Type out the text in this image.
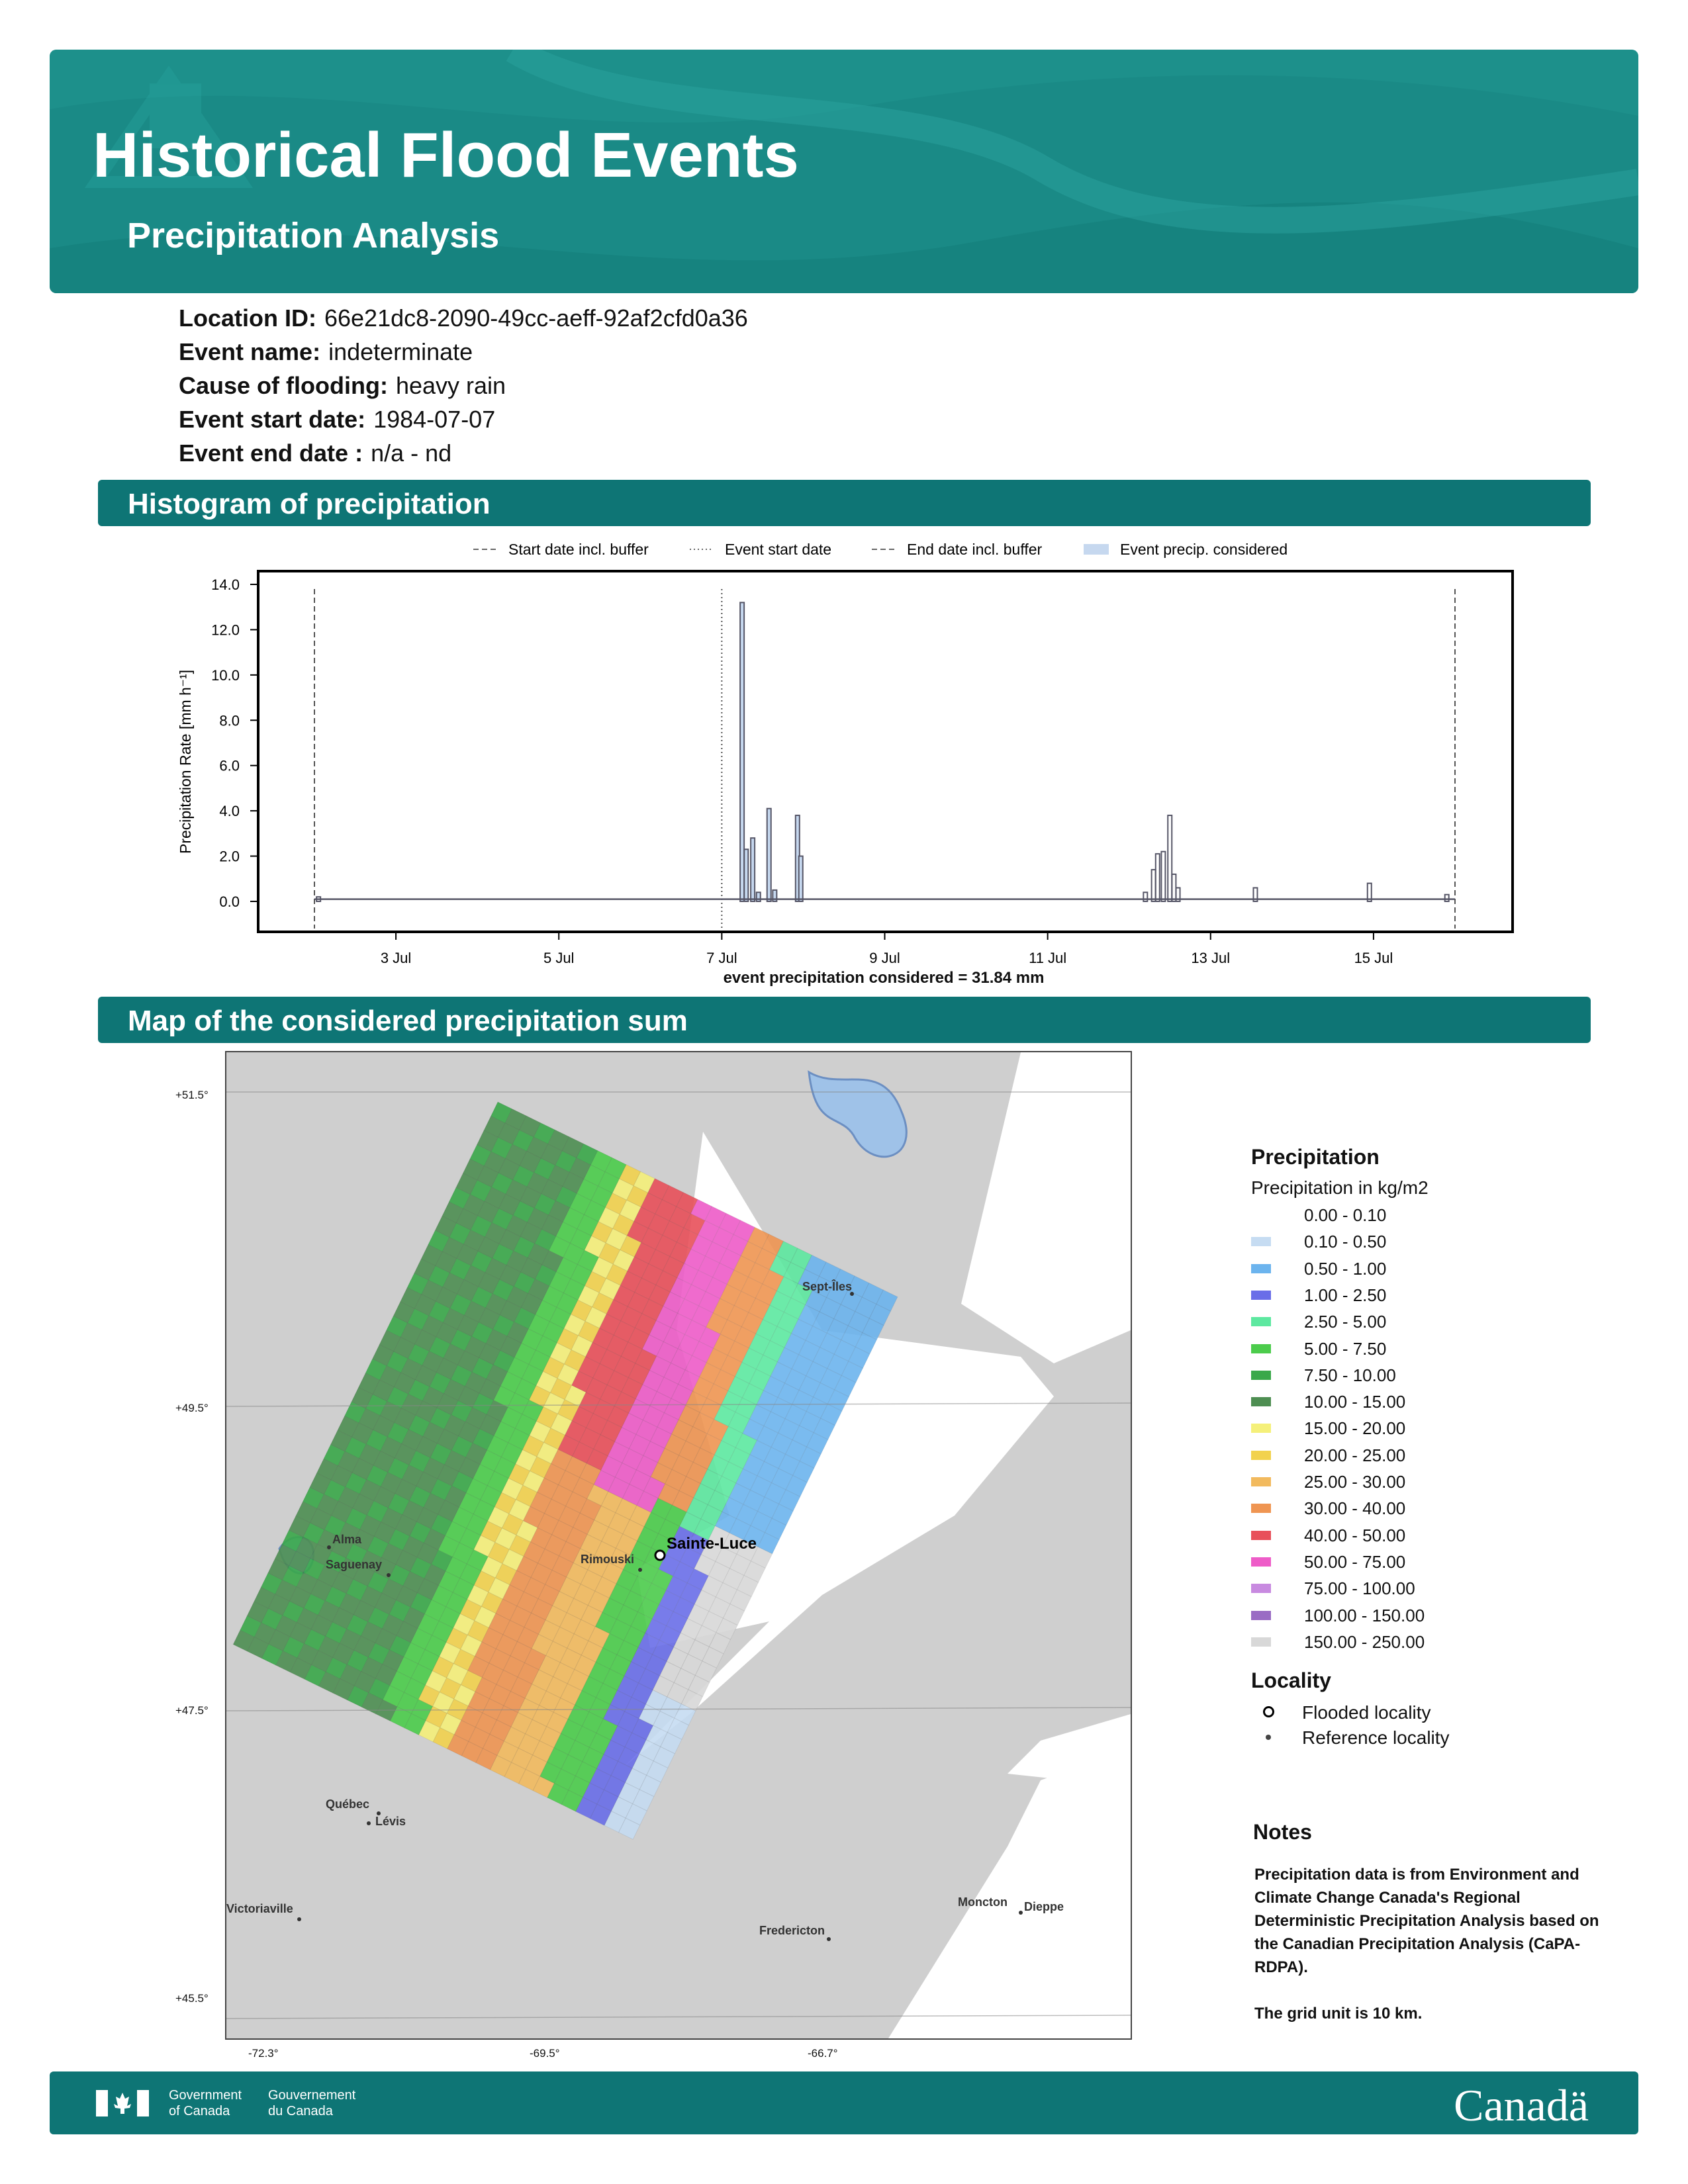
Historical Flood Events
Precipitation Analysis
Location ID: 66e21dc8-2090-49cc-aeff-92af2cfd0a36
Event name: indeterminate
Cause of flooding: heavy rain
Event start date: 1984-07-07
Event end date : n/a - nd
Histogram of precipitation
Start date incl. buffer	Event start date	End date incl. buffer	Event precip. considered
0.0
2.0
4.0
6.0
8.0
10.0
12.0
14.0
3 Jul	5 Jul	7 Jul	9 Jul	11 Jul	13 Jul	15 Jul
Precipitation Rate [mm h⁻¹]
event precipitation considered = 31.84 mm
Map of the considered precipitation sum
Sainte-Luce
Rimouski
Alma
Saguenay
Sept-Îles
Québec
Lévis
Victoriaville
Fredericton
Moncton Dieppe
+51.5°
+49.5°
+47.5°
+45.5°
-72.3°	-69.5°	-66.7°
Precipitation
Precipitation in kg/m2
0.00 - 0.10
0.10 - 0.50
0.50 - 1.00
1.00 - 2.50
2.50 - 5.00
5.00 - 7.50
7.50 - 10.00
10.00 - 15.00
15.00 - 20.00
20.00 - 25.00
25.00 - 30.00
30.00 - 40.00
40.00 - 50.00
50.00 - 75.00
75.00 - 100.00
100.00 - 150.00
150.00 - 250.00
Locality
Flooded locality
Reference locality
Notes
Precipitation data is from Environment and Climate Change Canada's Regional Deterministic Precipitation Analysis based on the Canadian Precipitation Analysis (CaPA-RDPA).
The grid unit is 10 km.
Government
of Canada
Gouvernement
du Canada	Canadä
